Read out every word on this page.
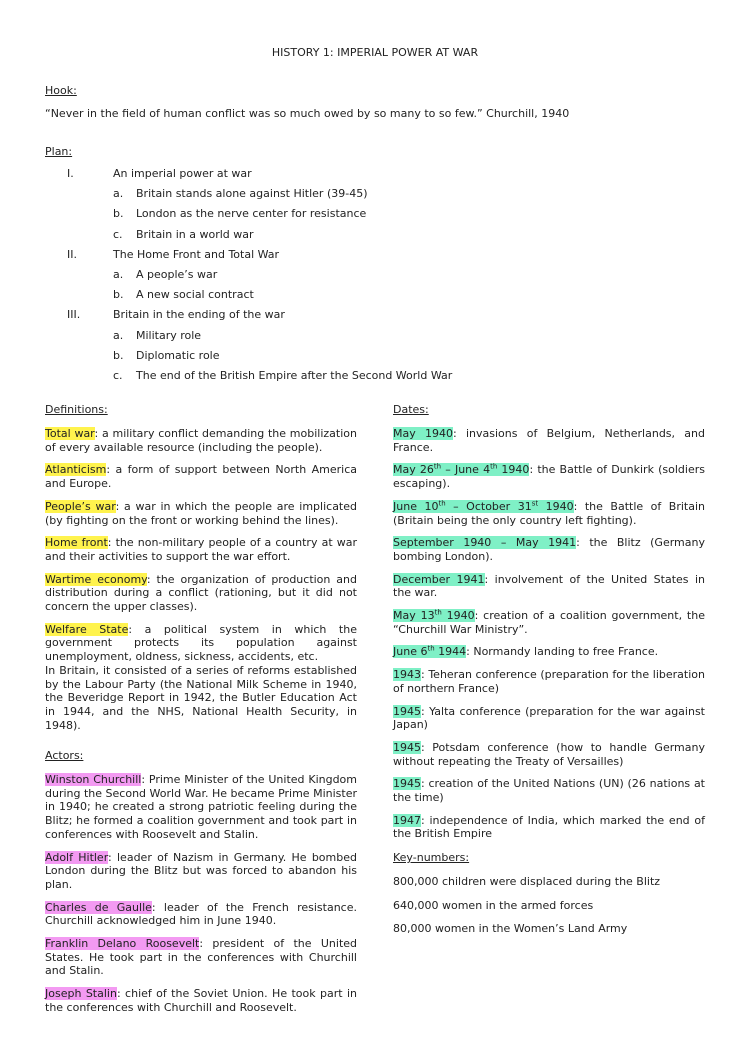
HISTORY 1: IMPERIAL POWER AT WAR
Hook:
“Never in the field of human conflict was so much owed by so many to so few.” Churchill, 1940
Plan:
I.	An imperial power at war
a. Britain stands alone against Hitler (39-45)
b. London as the nerve center for resistance
c. Britain in a world war
II.	The Home Front and Total War
a. A people’s war
b. A new social contract
III.	Britain in the ending of the war
a. Military role
b. Diplomatic role
c. The end of the British Empire after the Second World War
Definitions:

Total war: a military conflict demanding the mobilization of every available resource (including the people).

Atlanticism: a form of support between North America and Europe.

People’s war: a war in which the people are implicated (by fighting on the front or working behind the lines).

Home front: the non-military people of a country at war and their activities to support the war effort.

Wartime economy: the organization of production and distribution during a conflict (rationing, but it did not concern the upper classes).

Welfare State: a political system in which the government protects its population against unemployment, oldness, sickness, accidents, etc.
In Britain, it consisted of a series of reforms established by the Labour Party (the National Milk Scheme in 1940, the Beveridge Report in 1942, the Butler Education Act in 1944, and the NHS, National Health Security, in 1948).

Actors:

Winston Churchill: Prime Minister of the United Kingdom during the Second World War. He became Prime Minister in 1940; he created a strong patriotic feeling during the Blitz; he formed a coalition government and took part in conferences with Roosevelt and Stalin.

Adolf Hitler: leader of Nazism in Germany. He bombed London during the Blitz but was forced to abandon his plan.

Charles de Gaulle: leader of the French resistance. Churchill acknowledged him in June 1940.

Franklin Delano Roosevelt: president of the United States. He took part in the conferences with Churchill and Stalin.

Joseph Stalin: chief of the Soviet Union. He took part in the conferences with Churchill and Roosevelt.

Dates:

May 1940: invasions of Belgium, Netherlands, and France.

May 26th – June 4th 1940: the Battle of Dunkirk (soldiers escaping).

June 10th – October 31st 1940: the Battle of Britain (Britain being the only country left fighting).

September 1940 – May 1941: the Blitz (Germany bombing London).

December 1941: involvement of the United States in the war.

May 13th 1940: creation of a coalition government, the “Churchill War Ministry”.

June 6th 1944: Normandy landing to free France.

1943: Teheran conference (preparation for the liberation of northern France)

1945: Yalta conference (preparation for the war against Japan)

1945: Potsdam conference (how to handle Germany without repeating the Treaty of Versailles)

1945: creation of the United Nations (UN) (26 nations at the time)

1947: independence of India, which marked the end of the British Empire

Key-numbers:

800,000 children were displaced during the Blitz

640,000 women in the armed forces

80,000 women in the Women’s Land Army
